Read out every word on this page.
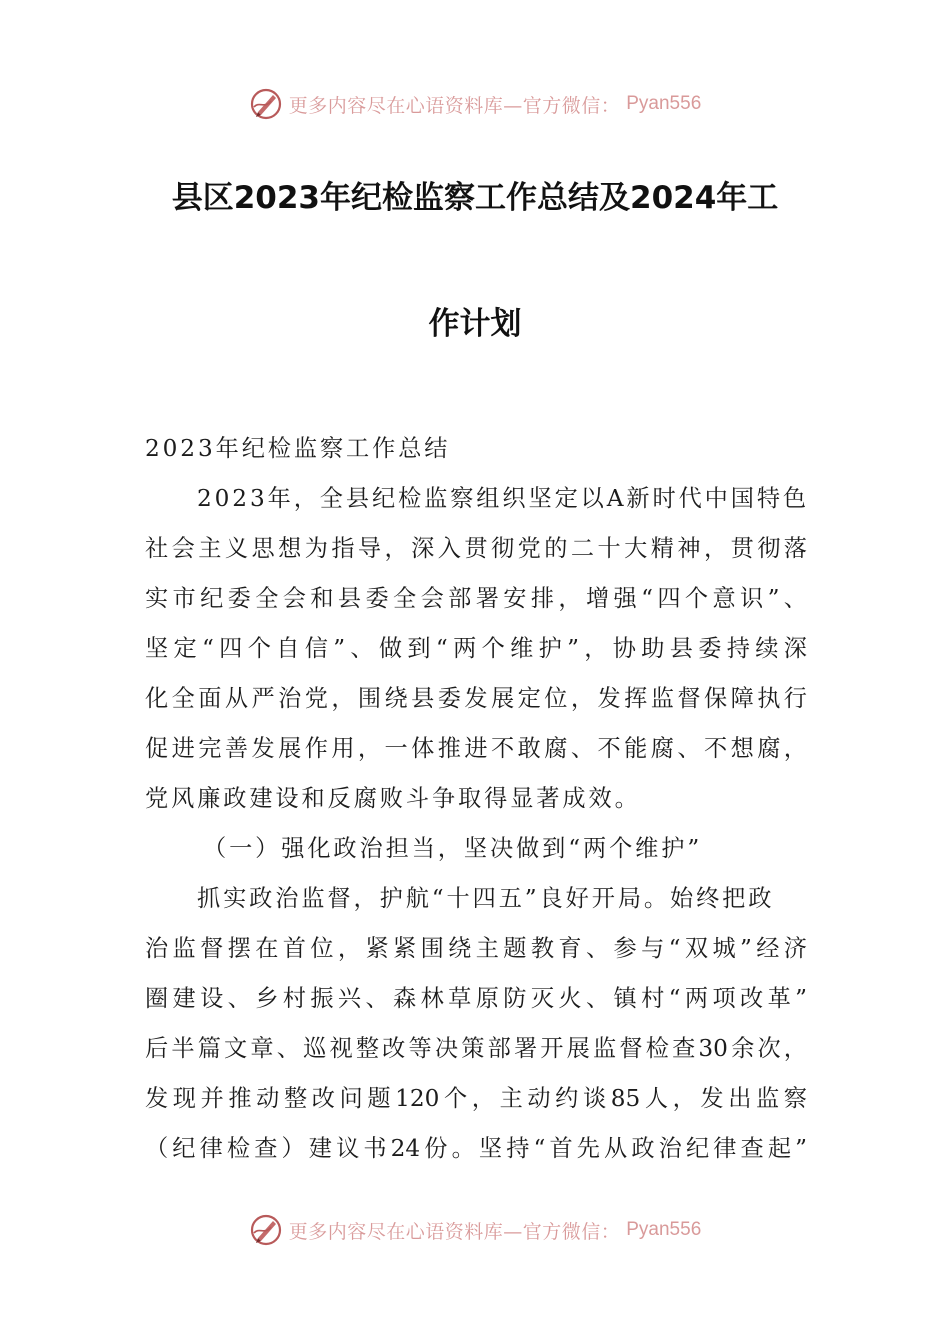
更多内容尽在心语资料库—官方微信： Pyan556
县区2023年纪检监察工作总结及2024年工
作计划
2023年纪检监察工作总结
2023年，全县纪检监察组织坚定以A新时代中国特色
社会主义思想为指导，深入贯彻党的二十大精神，贯彻落
实市纪委全会和县委全会部署安排，增强“四个意识”、
坚定“四个自信”、做到“两个维护”，协助县委持续深
化全面从严治党，围绕县委发展定位，发挥监督保障执行
促进完善发展作用，一体推进不敢腐、不能腐、不想腐，
党风廉政建设和反腐败斗争取得显著成效。
（一）强化政治担当，坚决做到“两个维护”
抓实政治监督，护航“十四五”良好开局。始终把政
治监督摆在首位，紧紧围绕主题教育、参与“双城”经济
圈建设、乡村振兴、森林草原防灭火、镇村“两项改革”
后半篇文章、巡视整改等决策部署开展监督检查30余次，
发现并推动整改问题120个，主动约谈85人，发出监察
（纪律检查）建议书24份。坚持“首先从政治纪律查起”
更多内容尽在心语资料库—官方微信： Pyan556
